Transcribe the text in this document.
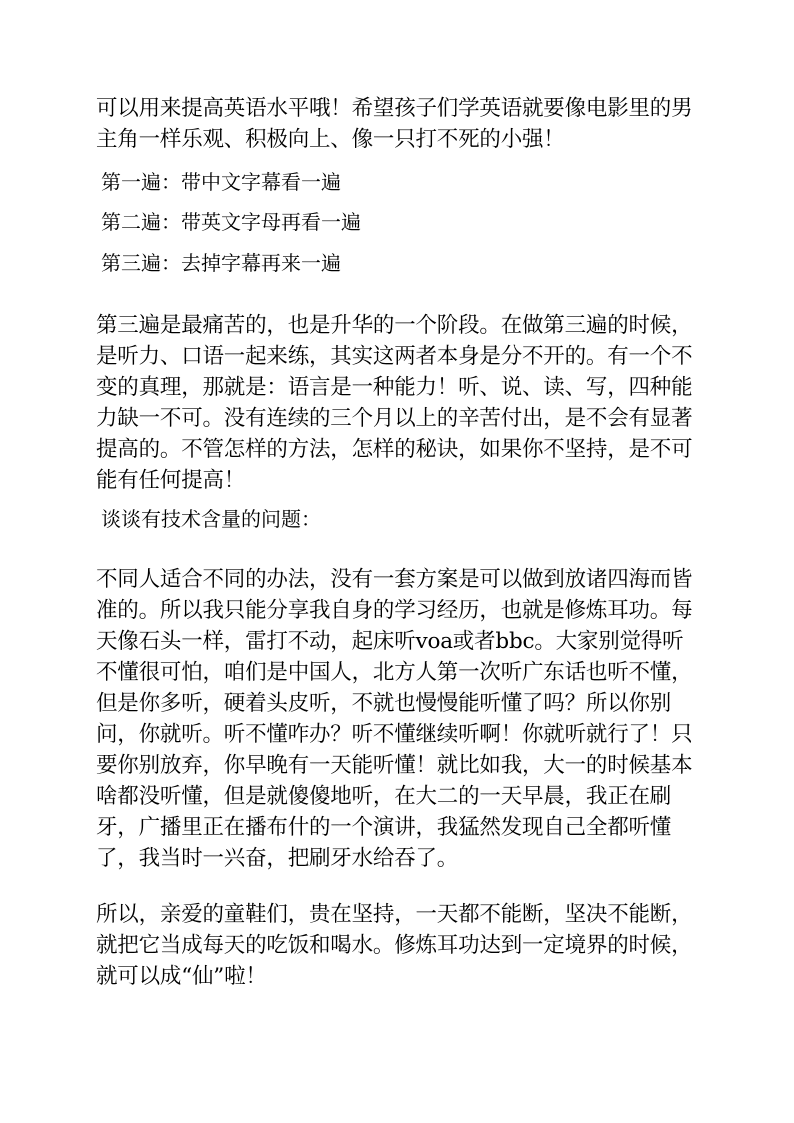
可以用来提高英语水平哦！希望孩子们学英语就要像电影里的男主角一样乐观、积极向上、像一只打不死的小强！

第一遍：带中文字幕看一遍

第二遍：带英文字母再看一遍

第三遍：去掉字幕再来一遍

第三遍是最痛苦的，也是升华的一个阶段。在做第三遍的时候，是听力、口语一起来练，其实这两者本身是分不开的。有一个不变的真理，那就是：语言是一种能力！听、说、读、写，四种能力缺一不可。没有连续的三个月以上的辛苦付出，是不会有显著提高的。不管怎样的方法，怎样的秘诀，如果你不坚持，是不可能有任何提高！

谈谈有技术含量的问题：

不同人适合不同的办法，没有一套方案是可以做到放诸四海而皆准的。所以我只能分享我自身的学习经历，也就是修炼耳功。每天像石头一样，雷打不动，起床听voa或者bbc。大家别觉得听不懂很可怕，咱们是中国人，北方人第一次听广东话也听不懂，但是你多听，硬着头皮听，不就也慢慢能听懂了吗？所以你别问，你就听。听不懂咋办？听不懂继续听啊！你就听就行了！只要你别放弃，你早晚有一天能听懂！就比如我，大一的时候基本啥都没听懂，但是就傻傻地听，在大二的一天早晨，我正在刷牙，广播里正在播布什的一个演讲，我猛然发现自己全都听懂了，我当时一兴奋，把刷牙水给吞了。

所以，亲爱的童鞋们，贵在坚持，一天都不能断，坚决不能断，就把它当成每天的吃饭和喝水。修炼耳功达到一定境界的时候，就可以成“仙”啦！
